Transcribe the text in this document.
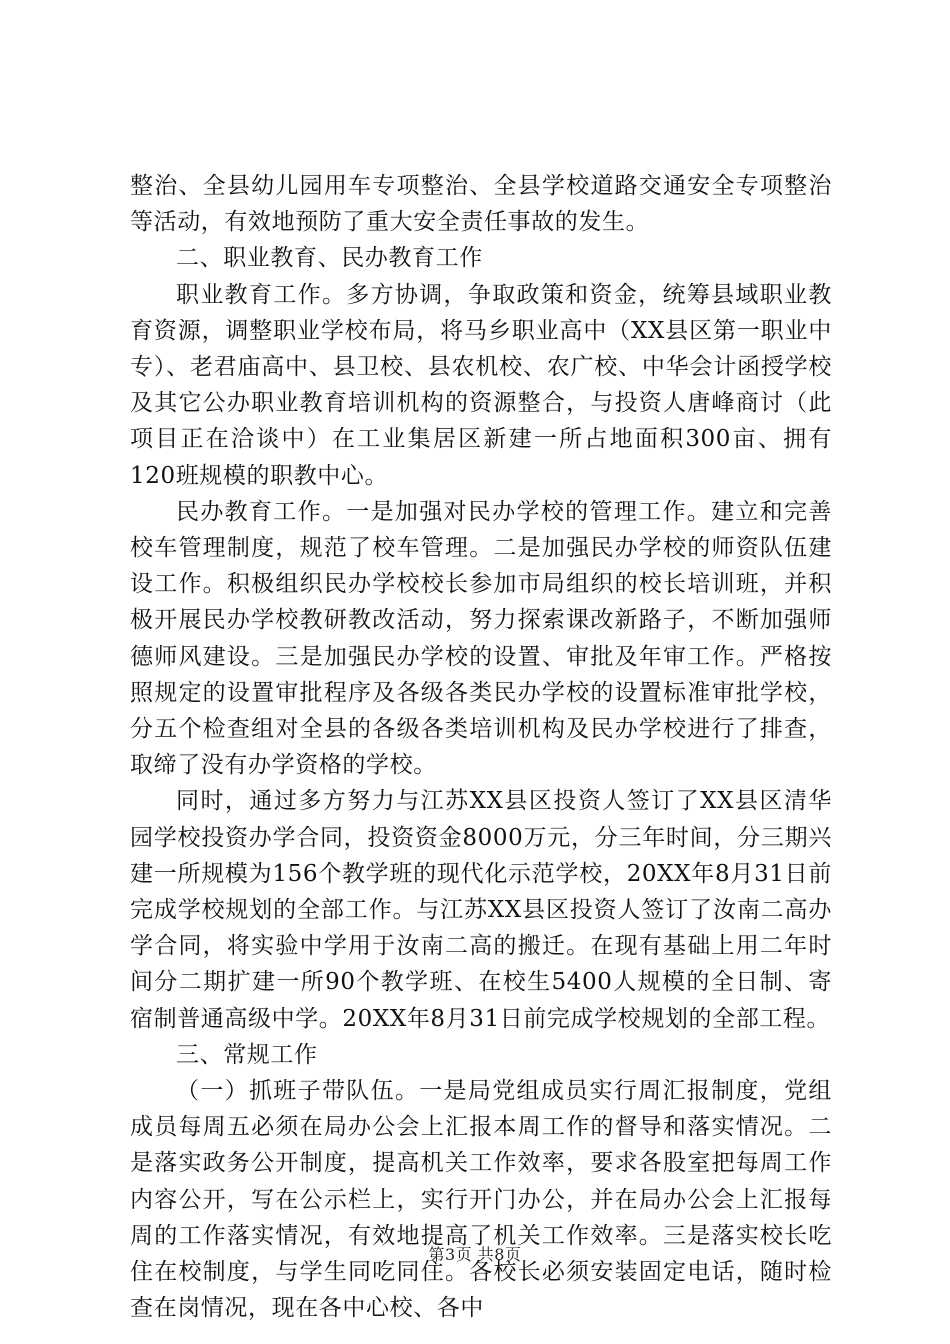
整治、全县幼儿园用车专项整治、全县学校道路交通安全专项整治等活动，有效地预防了重大安全责任事故的发生。

二、职业教育、民办教育工作

职业教育工作。多方协调，争取政策和资金，统筹县域职业教育资源，调整职业学校布局，将马乡职业高中（XX县区第一职业中专）、老君庙高中、县卫校、县农机校、农广校、中华会计函授学校及其它公办职业教育培训机构的资源整合，与投资人唐峰商讨（此项目正在洽谈中）在工业集居区新建一所占地面积300亩、拥有120班规模的职教中心。

民办教育工作。一是加强对民办学校的管理工作。建立和完善校车管理制度，规范了校车管理。二是加强民办学校的师资队伍建设工作。积极组织民办学校校长参加市局组织的校长培训班，并积极开展民办学校教研教改活动，努力探索课改新路子，不断加强师德师风建设。三是加强民办学校的设置、审批及年审工作。严格按照规定的设置审批程序及各级各类民办学校的设置标准审批学校，分五个检查组对全县的各级各类培训机构及民办学校进行了排查，取缔了没有办学资格的学校。

同时，通过多方努力与江苏XX县区投资人签订了XX县区清华园学校投资办学合同，投资资金8000万元，分三年时间，分三期兴建一所规模为156个教学班的现代化示范学校，20XX年8月31日前完成学校规划的全部工作。与江苏XX县区投资人签订了汝南二高办学合同，将实验中学用于汝南二高的搬迁。在现有基础上用二年时间分二期扩建一所90个教学班、在校生5400人规模的全日制、寄宿制普通高级中学。20XX年8月31日前完成学校规划的全部工程。

三、常规工作

（一）抓班子带队伍。一是局党组成员实行周汇报制度，党组成员每周五必须在局办公会上汇报本周工作的督导和落实情况。二是落实政务公开制度，提高机关工作效率，要求各股室把每周工作内容公开，写在公示栏上，实行开门办公，并在局办公会上汇报每周的工作落实情况，有效地提高了机关工作效率。三是落实校长吃住在校制度，与学生同吃同住。各校长必须安装固定电话，随时检查在岗情况，现在各中心校、各中

第3页 共8页
